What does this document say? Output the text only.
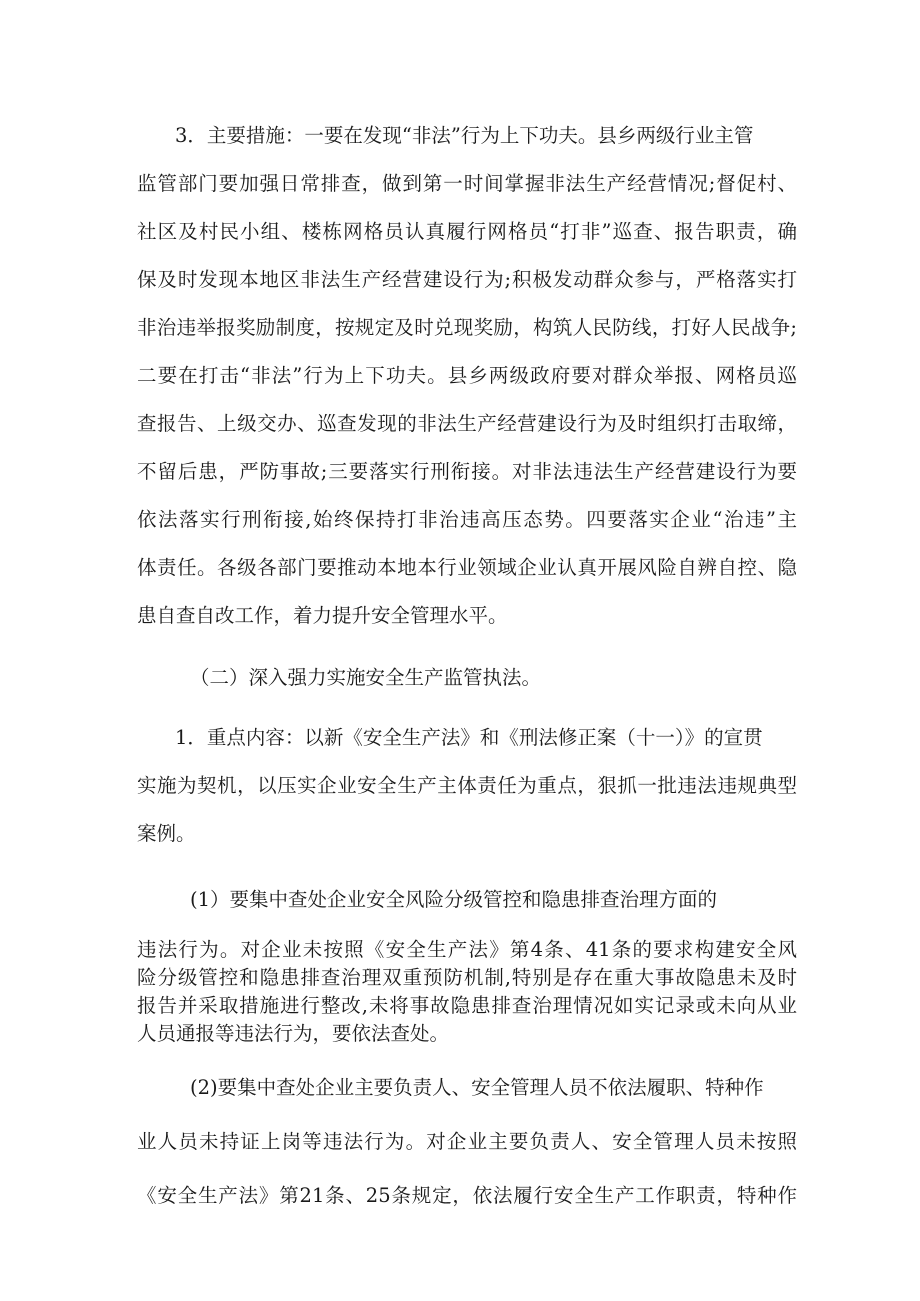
3．主要措施：一要在发现“非法”行为上下功夫。县乡两级行业主管
监管部门要加强日常排查，做到第一时间掌握非法生产经营情况;督促村、
社区及村民小组、楼栋网格员认真履行网格员“打非”巡查、报告职责，确
保及时发现本地区非法生产经营建设行为;积极发动群众参与，严格落实打
非治违举报奖励制度，按规定及时兑现奖励，构筑人民防线，打好人民战争;
二要在打击“非法”行为上下功夫。县乡两级政府要对群众举报、网格员巡
查报告、上级交办、巡查发现的非法生产经营建设行为及时组织打击取缔，
不留后患，严防事故;三要落实行刑衔接。对非法违法生产经营建设行为要
依法落实行刑衔接,始终保持打非治违高压态势。四要落实企业“治违”主
体责任。各级各部门要推动本地本行业领域企业认真开展风险自辨自控、隐
患自查自改工作，着力提升安全管理水平。
（二）深入强力实施安全生产监管执法。
1．重点内容：以新《安全生产法》和《刑法修正案（十一）》的宣贯
实施为契机，以压实企业安全生产主体责任为重点，狠抓一批违法违规典型
案例。
(1）要集中查处企业安全风险分级管控和隐患排查治理方面的
违法行为。对企业未按照《安全生产法》第4条、41条的要求构建安全风
险分级管控和隐患排查治理双重预防机制,特别是存在重大事故隐患未及时
报告并采取措施进行整改,未将事故隐患排查治理情况如实记录或未向从业
人员通报等违法行为，要依法查处。
(2)要集中查处企业主要负责人、安全管理人员不依法履职、特种作
业人员未持证上岗等违法行为。对企业主要负责人、安全管理人员未按照
《安全生产法》第21条、25条规定，依法履行安全生产工作职责，特种作
